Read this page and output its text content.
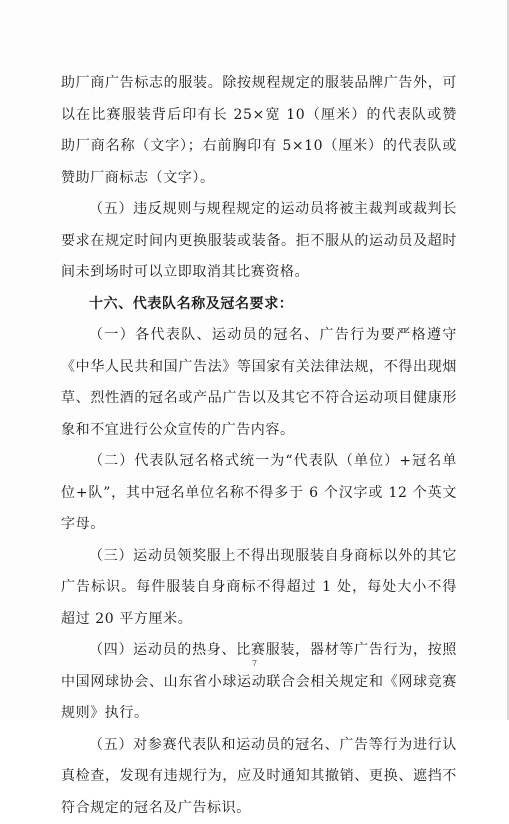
助厂商广告标志的服装。除按规程规定的服装品牌广告外，可以在比赛服装背后印有长 25×宽 10（厘米）的代表队或赞助厂商名称（文字）；右前胸印有 5×10（厘米）的代表队或赞助厂商标志（文字）。

（五）违反规则与规程规定的运动员将被主裁判或裁判长要求在规定时间内更换服装或装备。拒不服从的运动员及超时间未到场时可以立即取消其比赛资格。

十六、代表队名称及冠名要求：

（一）各代表队、运动员的冠名、广告行为要严格遵守《中华人民共和国广告法》等国家有关法律法规，不得出现烟草、烈性酒的冠名或产品广告以及其它不符合运动项目健康形象和不宜进行公众宣传的广告内容。

（二）代表队冠名格式统一为“代表队（单位）+冠名单位+队”，其中冠名单位名称不得多于 6 个汉字或 12 个英文字母。

（三）运动员领奖服上不得出现服装自身商标以外的其它广告标识。每件服装自身商标不得超过 1 处，每处大小不得超过 20 平方厘米。

（四）运动员的热身、比赛服装，器材等广告行为，按照中国网球协会、山东省小球运动联合会相关规定和《网球竞赛规则》执行。

（五）对参赛代表队和运动员的冠名、广告等行为进行认真检查，发现有违规行为，应及时通知其撤销、更换、遮挡不符合规定的冠名及广告标识。

7
